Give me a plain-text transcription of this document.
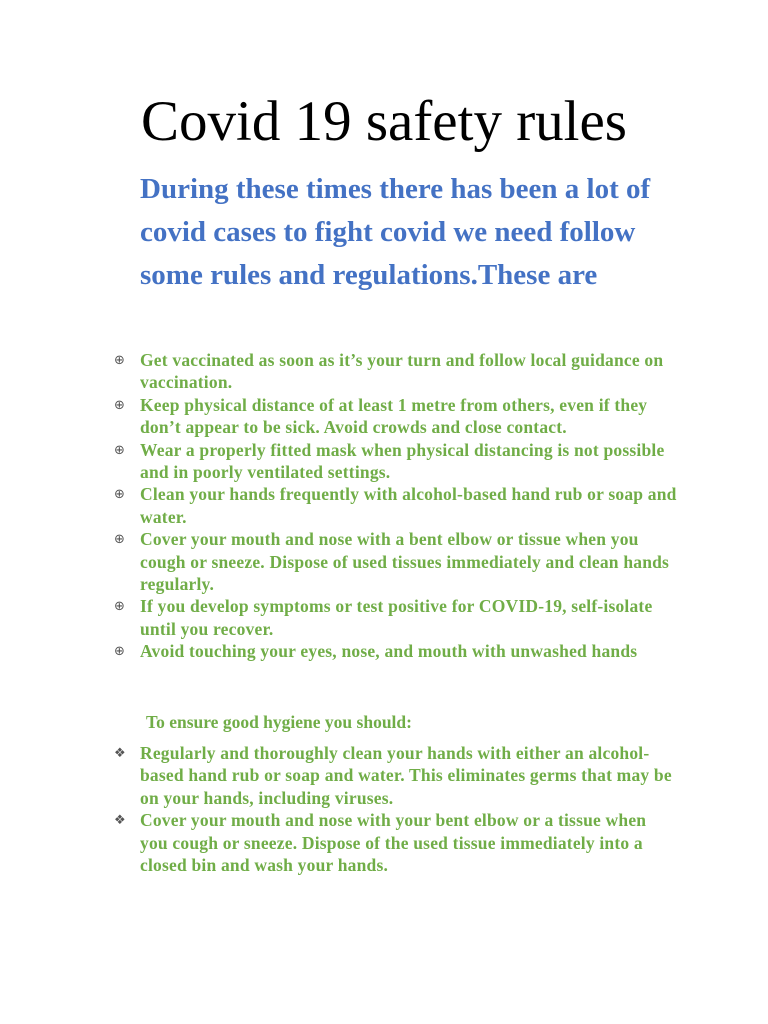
Covid 19 safety rules

During these times there has been a lot of covid cases to fight covid we need follow some rules and regulations.These are

⊕ Get vaccinated as soon as it’s your turn and follow local guidance on vaccination.
⊕ Keep physical distance of at least 1 metre from others, even if they don’t appear to be sick. Avoid crowds and close contact.
⊕ Wear a properly fitted mask when physical distancing is not possible and in poorly ventilated settings.
⊕ Clean your hands frequently with alcohol-based hand rub or soap and water.
⊕ Cover your mouth and nose with a bent elbow or tissue when you cough or sneeze. Dispose of used tissues immediately and clean hands regularly.
⊕ If you develop symptoms or test positive for COVID-19, self-isolate until you recover.
⊕ Avoid touching your eyes, nose, and mouth with unwashed hands

To ensure good hygiene you should:

❖ Regularly and thoroughly clean your hands with either an alcohol-based hand rub or soap and water. This eliminates germs that may be on your hands, including viruses.
❖ Cover your mouth and nose with your bent elbow or a tissue when you cough or sneeze. Dispose of the used tissue immediately into a closed bin and wash your hands.
